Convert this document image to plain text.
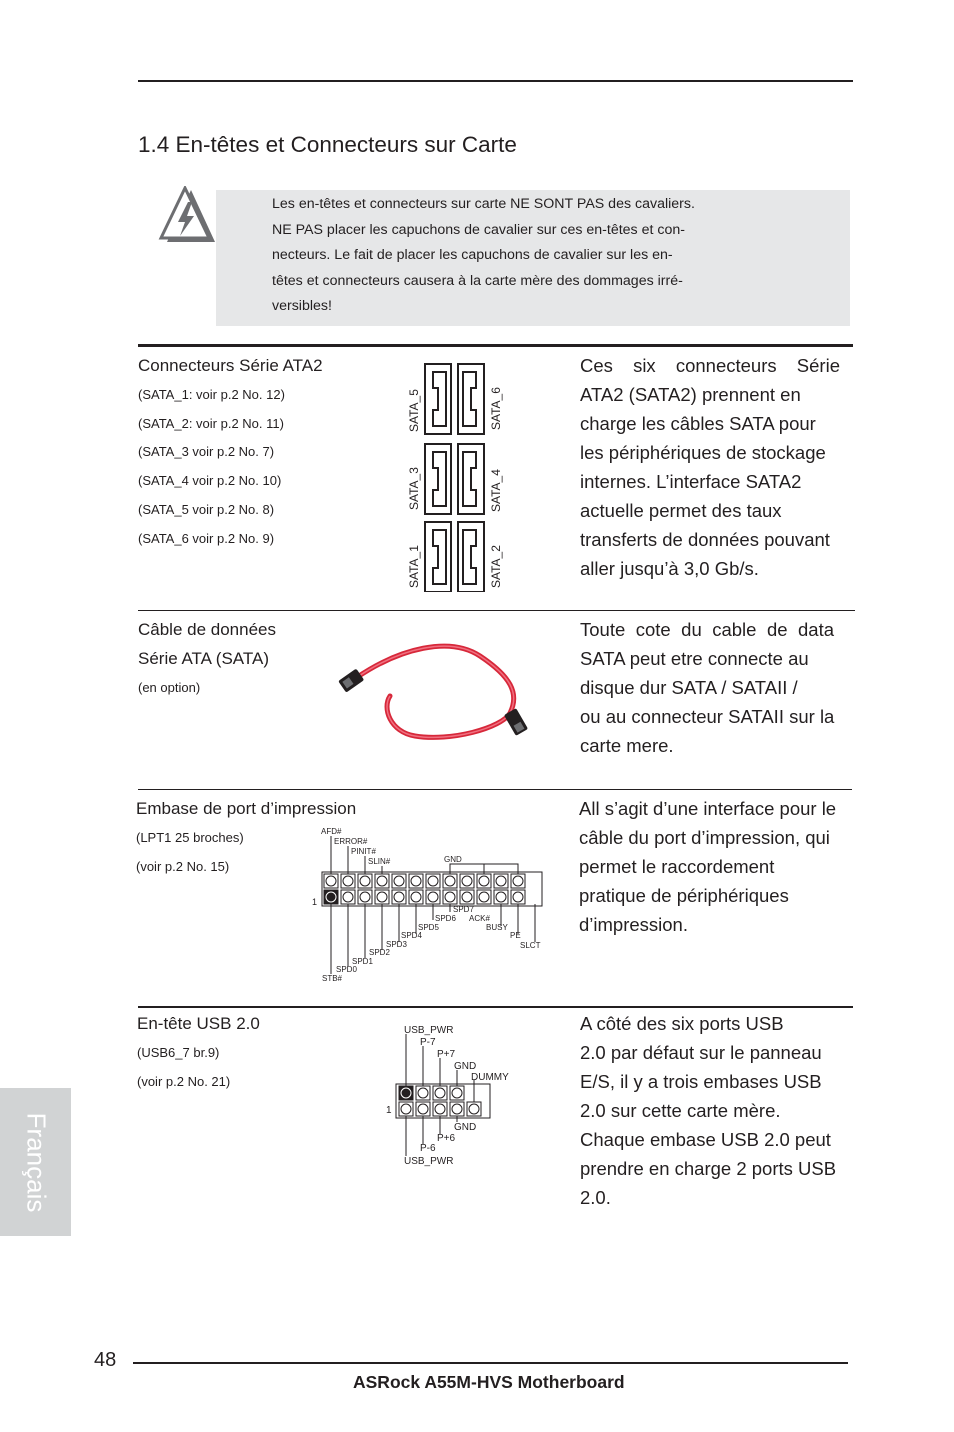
1.4 En-têtes et Connecteurs sur Carte
Les en-têtes et connecteurs sur carte NE SONT PAS des cavaliers.
NE PAS placer les capuchons de cavalier sur ces en-têtes et con-
necteurs. Le fait de placer les capuchons de cavalier sur les en-
têtes et connecteurs causera à la carte mère des dommages irré-
versibles!
Connecteurs Série ATA2
(SATA_1: voir p.2 No. 12)
(SATA_2: voir p.2 No. 11)
(SATA_3 voir p.2 No. 7)
(SATA_4 voir p.2 No. 10)
(SATA_5 voir p.2 No. 8)
(SATA_6 voir p.2 No. 9)
SATA_5	SATA_6
SATA_3	SATA_4
SATA_1	SATA_2
Ces six connecteurs Série
ATA2 (SATA2) prennent en
charge les câbles SATA pour
les périphériques de stockage
internes. L’interface SATA2
actuelle permet des taux
transferts de données pouvant
aller jusqu’à 3,0 Gb/s.
Câble de données
Série ATA (SATA)
(en option)
Toute cote du cable de data
SATA peut etre connecte au
disque dur SATA / SATAII /
ou au connecteur SATAII sur la
carte mere.
Embase de port d’impression
(LPT1 25 broches)
(voir p.2 No. 15)
1
AFD#
ERROR#
PINIT#
SLIN#	GND
SPD7
SPD6 ACK#
SPD5	BUSY
SPD4	PE
SPD3	SLCT
SPD2
SPD1
SPD0
STB#
All s’agit d’une interface pour le
câble du port d’impression, qui
permet le raccordement
pratique de périphériques
d’impression.
En-tête USB 2.0
(USB6_7 br.9)
(voir p.2 No. 21)
1
USB_PWR
P-7
P+7
GND
DUMMY
GND
P+6
P-6
USB_PWR
A côté des six ports USB
2.0 par défaut sur le panneau
E/S, il y a trois embases USB
2.0 sur cette carte mère.
Chaque embase USB 2.0 peut
prendre en charge 2 ports USB
2.0.
Français
48
ASRock A55M-HVS Motherboard
